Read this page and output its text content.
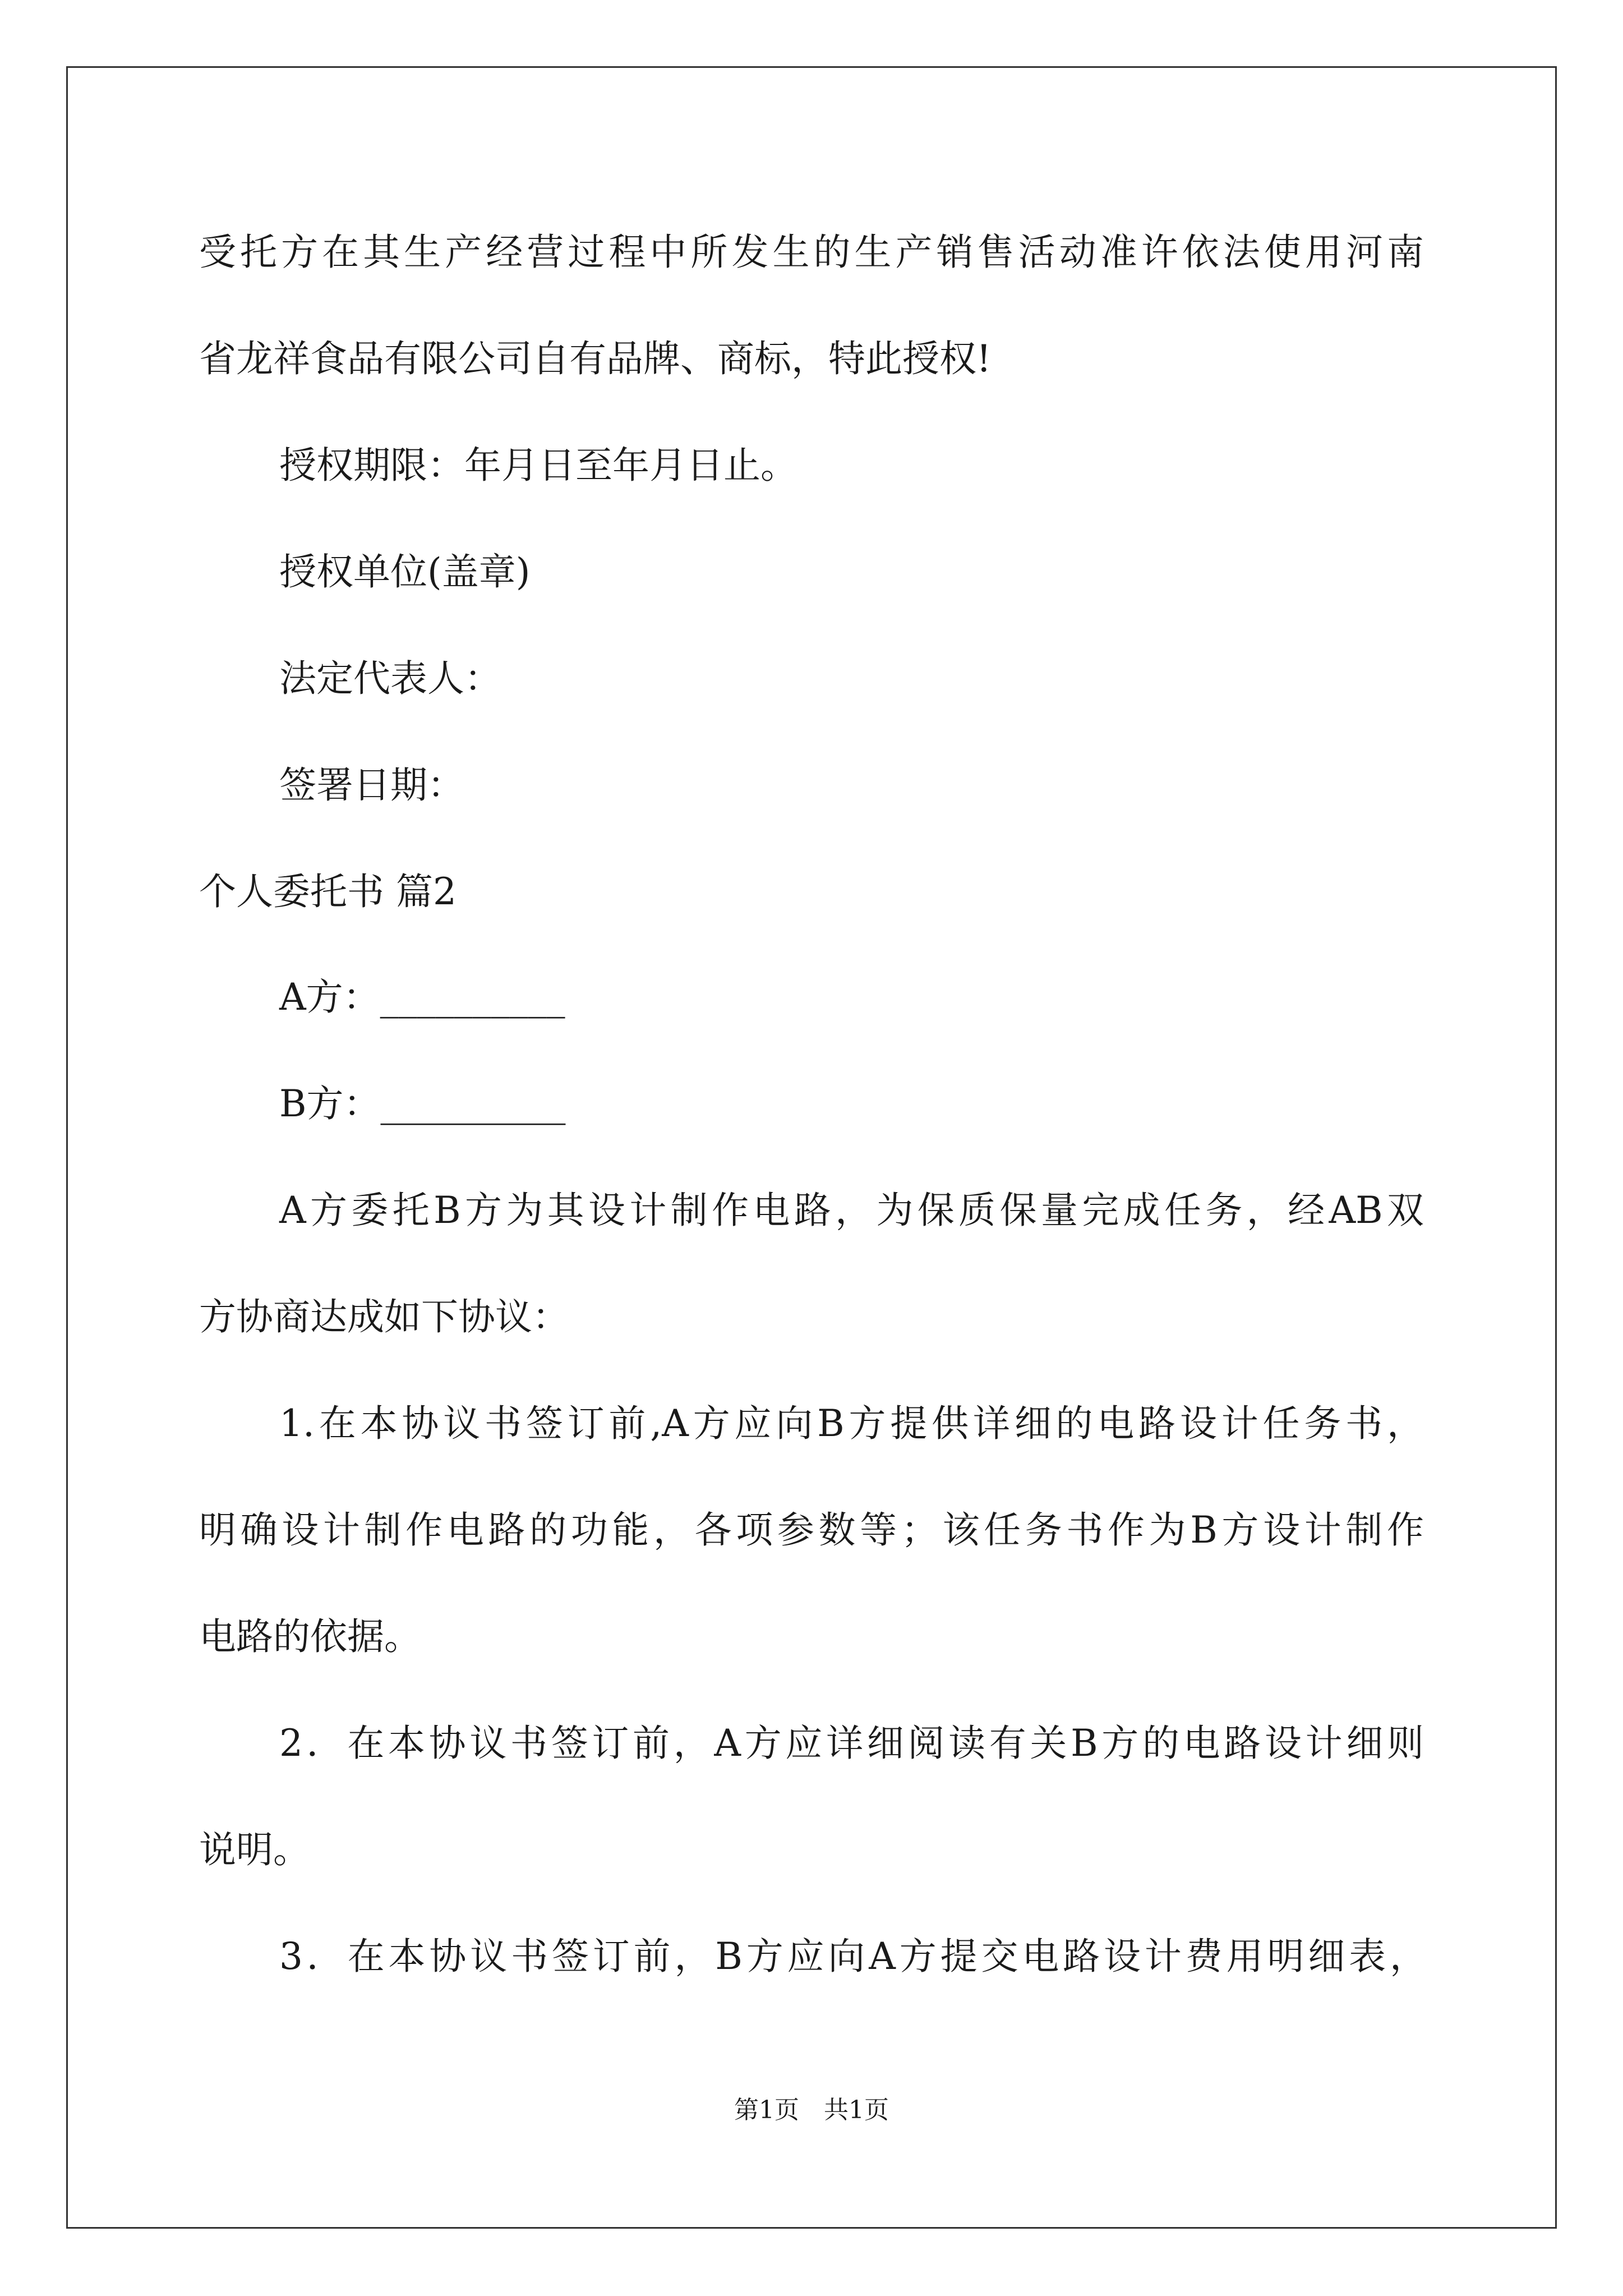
受托方在其生产经营过程中所发生的生产销售活动准许依法使用河南
省龙祥食品有限公司自有品牌、商标，特此授权!
授权期限：年月日至年月日止。
授权单位(盖章)
法定代表人：
签署日期：
个人委托书 篇2
A方：__________
B方：__________
A方委托B方为其设计制作电路，为保质保量完成任务，经AB双
方协商达成如下协议：
1.在本协议书签订前,A方应向B方提供详细的电路设计任务书，
明确设计制作电路的功能，各项参数等；该任务书作为B方设计制作
电路的依据。
2．在本协议书签订前，A方应详细阅读有关B方的电路设计细则
说明。
3．在本协议书签订前，B方应向A方提交电路设计费用明细表，
第1页　共1页
